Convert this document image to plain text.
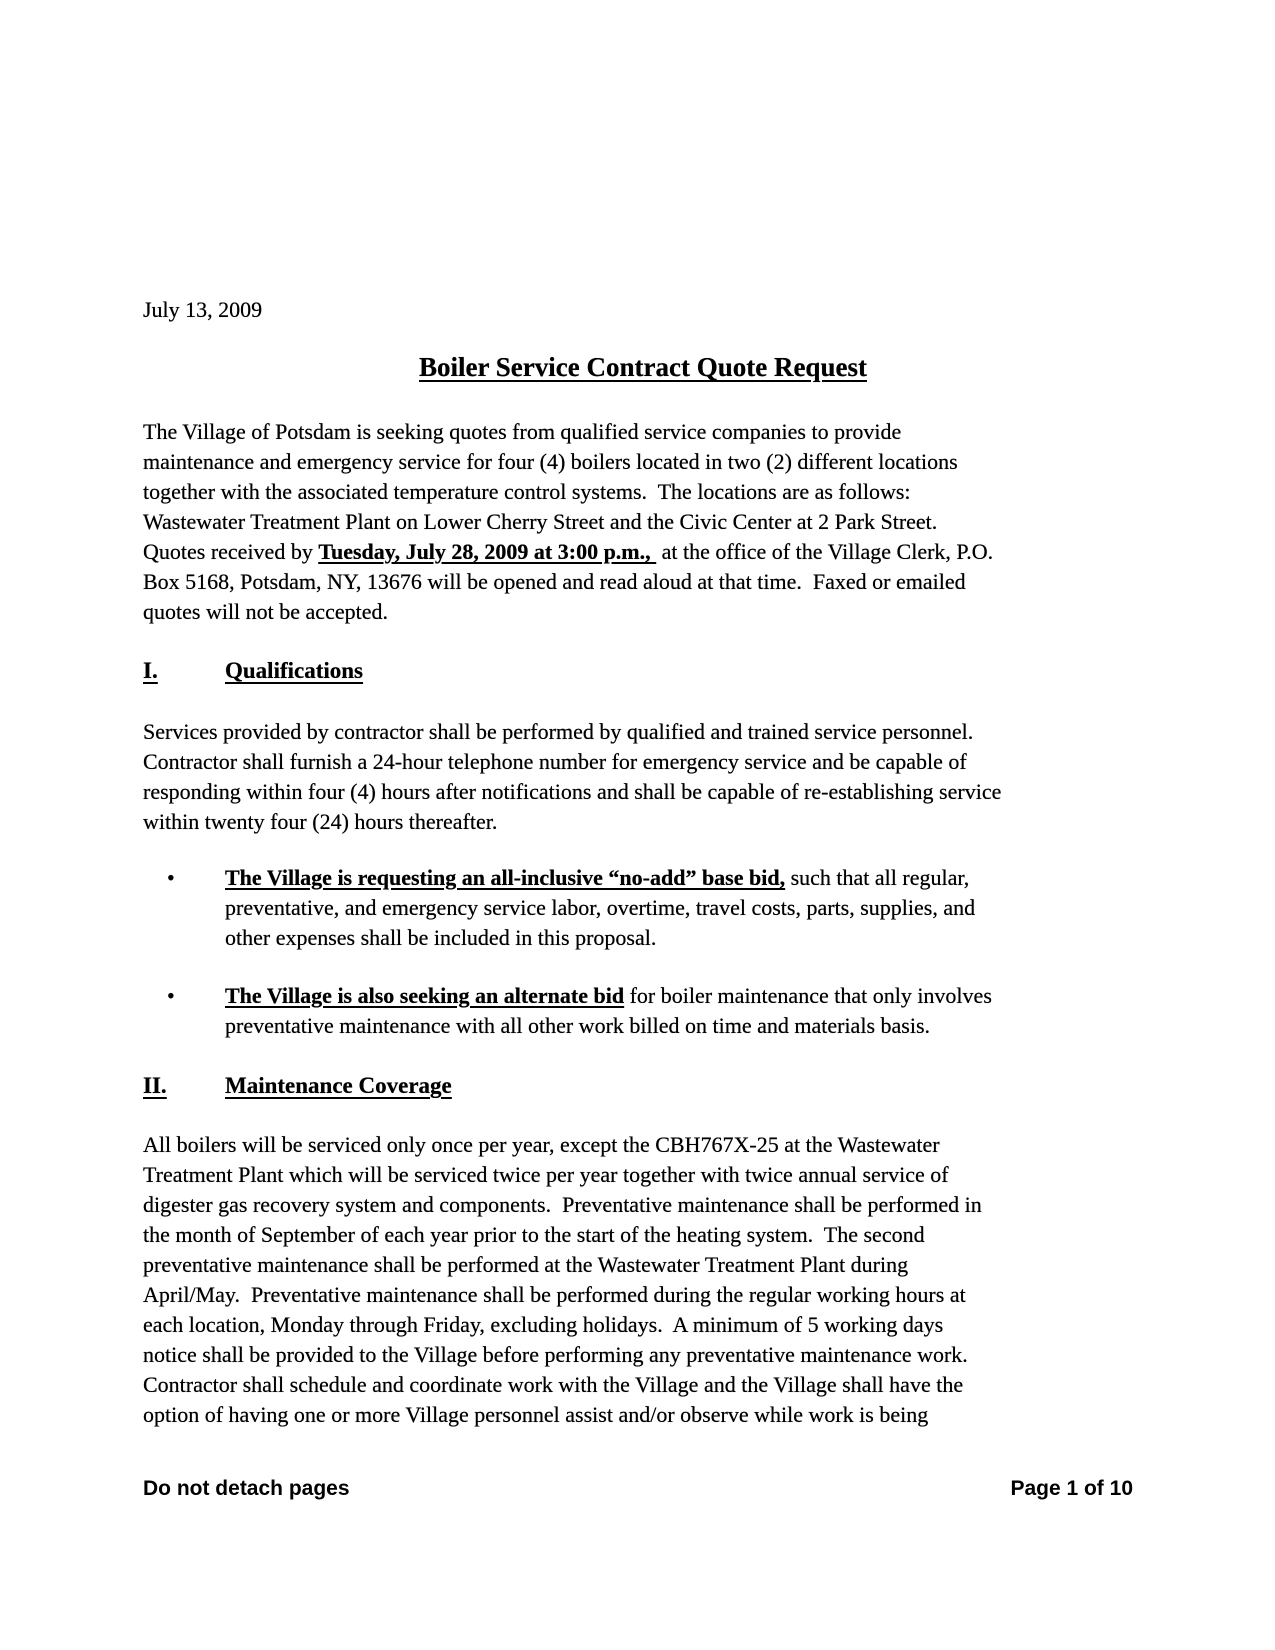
July 13, 2009
Boiler Service Contract Quote Request
The Village of Potsdam is seeking quotes from qualified service companies to provide
maintenance and emergency service for four (4) boilers located in two (2) different locations
together with the associated temperature control systems.  The locations are as follows:
Wastewater Treatment Plant on Lower Cherry Street and the Civic Center at 2 Park Street.
Quotes received by Tuesday, July 28, 2009 at 3:00 p.m.,  at the office of the Village Clerk, P.O.
Box 5168, Potsdam, NY, 13676 will be opened and read aloud at that time.  Faxed or emailed
quotes will not be accepted.
I.	Qualifications
Services provided by contractor shall be performed by qualified and trained service personnel.
Contractor shall furnish a 24-hour telephone number for emergency service and be capable of
responding within four (4) hours after notifications and shall be capable of re-establishing service
within twenty four (24) hours thereafter.
• The Village is requesting an all-inclusive “no-add” base bid, such that all regular,
preventative, and emergency service labor, overtime, travel costs, parts, supplies, and
other expenses shall be included in this proposal.
• The Village is also seeking an alternate bid for boiler maintenance that only involves
preventative maintenance with all other work billed on time and materials basis.
II.	Maintenance Coverage
All boilers will be serviced only once per year, except the CBH767X-25 at the Wastewater
Treatment Plant which will be serviced twice per year together with twice annual service of
digester gas recovery system and components.  Preventative maintenance shall be performed in
the month of September of each year prior to the start of the heating system.  The second
preventative maintenance shall be performed at the Wastewater Treatment Plant during
April/May.  Preventative maintenance shall be performed during the regular working hours at
each location, Monday through Friday, excluding holidays.  A minimum of 5 working days
notice shall be provided to the Village before performing any preventative maintenance work.
Contractor shall schedule and coordinate work with the Village and the Village shall have the
option of having one or more Village personnel assist and/or observe while work is being
Do not detach pages	Page 1 of 10
